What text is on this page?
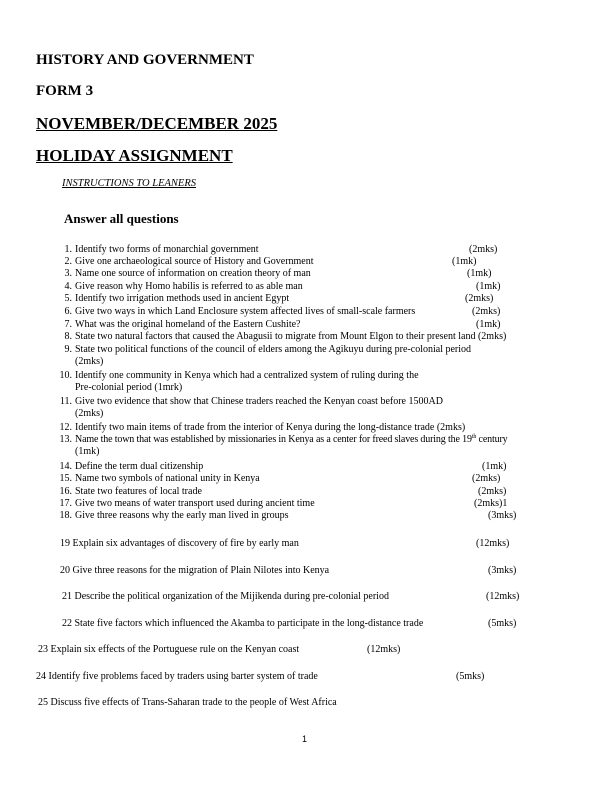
HISTORY AND GOVERNMENT
FORM 3
NOVEMBER/DECEMBER 2025
HOLIDAY ASSIGNMENT
INSTRUCTIONS TO LEANERS
Answer all questions
1. Identify two forms of monarchial government	(2mks)
2. Give one archaeological source of History and Government	(1mk)
3. Name one source of information on creation theory of man	(1mk)
4. Give reason why Homo habilis is referred to as able man	(1mk)
5. Identify two irrigation methods used in ancient Egypt	(2mks)
6. Give two ways in which Land Enclosure system affected lives of small-scale farmers	(2mks)
7. What was the original homeland of the Eastern Cushite?	(1mk)
8. State two natural factors that caused the Abagusii to migrate from Mount Elgon to their present land (2mks)
9. State two political functions of the council of elders among the Agikuyu during pre-colonial period
(2mks)
10. Identify one community in Kenya which had a centralized system of ruling during the
Pre-colonial period (1mrk)
11. Give two evidence that show that Chinese traders reached the Kenyan coast before 1500AD
(2mks)
12. Identify two main items of trade from the interior of Kenya during the long-distance trade (2mks)
13. Name the town that was established by missionaries in Kenya as a center for freed slaves during the 19th century
(1mk)
14. Define the term dual citizenship	(1mk)
15. Name two symbols of national unity in Kenya	(2mks)
16. State two features of local trade	(2mks)
17. Give two means of water transport used during ancient time	(2mks)1
18. Give three reasons why the early man lived in groups	(3mks)
19 Explain six advantages of discovery of fire by early man	(12mks)
20 Give three reasons for the migration of Plain Nilotes into Kenya	(3mks)
21 Describe the political organization of the Mijikenda during pre-colonial period	(12mks)
22 State five factors which influenced the Akamba to participate in the long-distance trade	(5mks)
23 Explain six effects of the Portuguese rule on the Kenyan coast	(12mks)
24 Identify five problems faced by traders using barter system of trade	(5mks)
25 Discuss five effects of Trans-Saharan trade to the people of West Africa
1
